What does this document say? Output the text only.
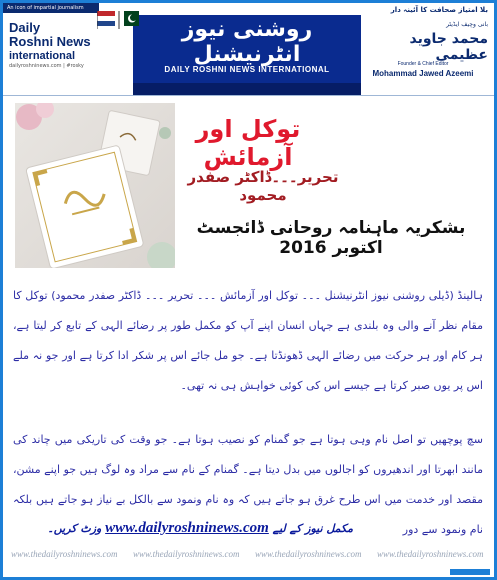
An icon of impartial journalism
Daily
Roshni News
international
dailyroshninews.com | #rosky
روشنی نیوز انٹرنیشنل
DAILY ROSHNI NEWS INTERNATIONAL
بلا امتیاز صحافت کا آئینہ دار
بانی وچیف ایڈیٹر
محمد جاوید عظیمی
Founder & Chief Editor
Mohammad Jawed Azeemi
توکل اور آزمائش
تحریر۔۔۔ڈاکٹر صفدر محمود
بشکریہ ماہنامہ روحانی ڈائجسٹ اکتوبر 2016
ہالینڈ (ڈیلی روشنی نیوز انٹرنیشنل ۔۔۔ توکل اور آزمائش ۔۔۔ تحریر ۔۔۔ ڈاکٹر صفدر محمود) توکل کا مقام نظر آنے والی وہ بلندی ہے جہاں انسان اپنے آپ کو مکمل طور پر رضائے الہی کے تابع کر لیتا ہے، ہر کام اور ہر حرکت میں رضائے الہی ڈھونڈتا ہے۔ جو مل جائے اس پر شکر ادا کرتا ہے اور جو نہ ملے اس پر یوں صبر کرتا ہے جیسے اس کی کوئی خواہش ہی نہ تھی۔
سچ پوچھیں تو اصل نام وہی ہوتا ہے جو گمنام کو نصیب ہوتا ہے۔ جو وقت کی تاریکی میں چاند کی مانند ابھرتا اور اندھیروں کو اجالوں میں بدل دیتا ہے۔ گمنام کے نام سے مراد وہ لوگ ہیں جو اپنے مشن، مقصد اور خدمت میں اس طرح غرق ہو جاتے ہیں کہ وہ نام ونمود سے بالکل بے نیاز ہو جاتے ہیں بلکہ نام ونمود سے دور
مکمل نیوز کے لیے www.dailyroshninews.com وزٹ کریں۔
www.thedailyroshninews.com www.thedailyroshninews.com www.thedailyroshninews.com www.thedailyroshninews.com
